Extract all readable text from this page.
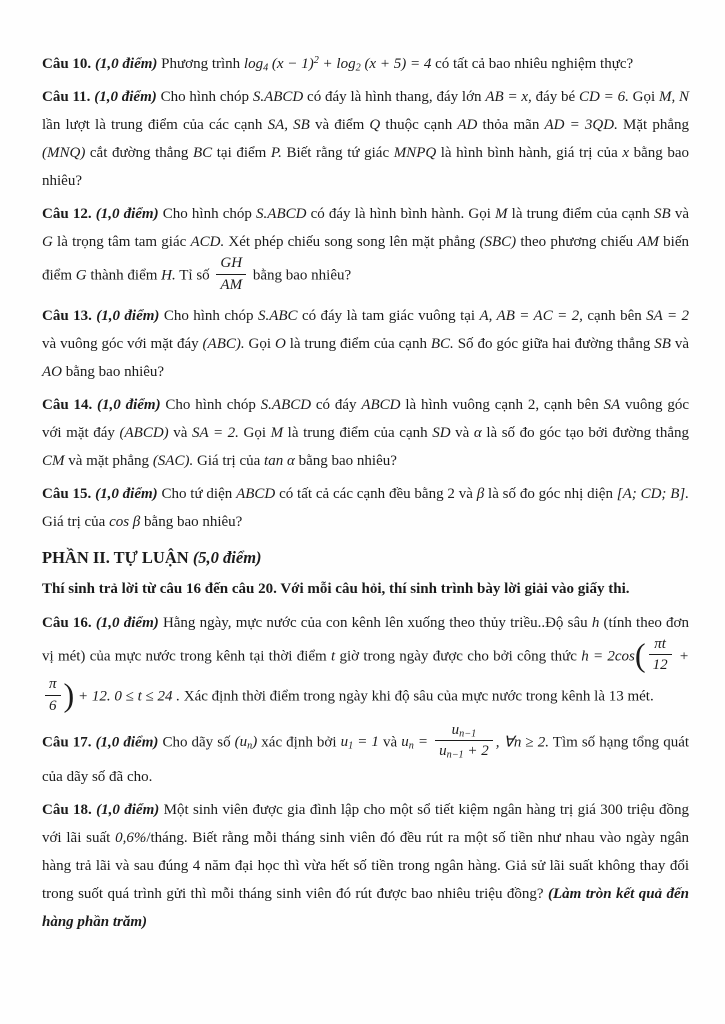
Câu 10. (1,0 điểm) Phương trình $\log_4 (x - 1)^2 + \log_2 (x + 5) = 4$ có tất cả bao nhiêu nghiệm thực?

Câu 11. (1,0 điểm) Cho hình chóp S.ABCD có đáy là hình thang, đáy lớn AB = x, đáy bé CD = 6. Gọi M, N lần lượt là trung điểm của các cạnh SA, SB và điểm Q thuộc cạnh AD thỏa mãn AD = 3QD. Mặt phẳng (MNQ) cắt đường thẳng BC tại điểm P. Biết rằng tứ giác MNPQ là hình bình hành, giá trị của x bằng bao nhiêu?

Câu 12. (1,0 điểm) Cho hình chóp S.ABCD có đáy là hình bình hành. Gọi M là trung điểm của cạnh SB và G là trọng tâm tam giác ACD. Xét phép chiếu song song lên mặt phẳng (SBC) theo phương chiếu AM biến điểm G thành điểm H. Tỉ số $\frac{GH}{AM}$ bằng bao nhiêu?

Câu 13. (1,0 điểm) Cho hình chóp S.ABC có đáy là tam giác vuông tại A, AB = AC = 2, cạnh bên SA = 2 và vuông góc với mặt đáy (ABC). Gọi O là trung điểm của cạnh BC. Số đo góc giữa hai đường thẳng SB và AO bằng bao nhiêu?

Câu 14. (1,0 điểm) Cho hình chóp S.ABCD có đáy ABCD là hình vuông cạnh 2, cạnh bên SA vuông góc với mặt đáy (ABCD) và SA = 2. Gọi M là trung điểm của cạnh SD và α là số đo góc tạo bởi đường thẳng CM và mặt phẳng (SAC). Giá trị của tan α bằng bao nhiêu?

Câu 15. (1,0 điểm) Cho tứ diện ABCD có tất cả các cạnh đều bằng 2 và β là số đo góc nhị diện [A; CD; B]. Giá trị của cos β bằng bao nhiêu?

PHẦN II. TỰ LUẬN (5,0 điểm)

Thí sinh trả lời từ câu 16 đến câu 20. Với mỗi câu hỏi, thí sinh trình bày lời giải vào giấy thi.

Câu 16. (1,0 điểm) Hằng ngày, mực nước của con kênh lên xuống theo thủy triều..Độ sâu h (tính theo đơn vị mét) của mực nước trong kênh tại thời điểm t giờ trong ngày được cho bởi công thức $h = 2\cos( \frac{\pi t}{12}$ +
$\frac{\pi}{6}$ ) + 12. 0 ≤ t ≤ 24 . Xác định thời điểm trong ngày khi độ sâu của mực nước trong kênh là 13 mét.

Câu 17. (1,0 điểm) Cho dãy số $(u_n)$ xác định bởi $u_1 = 1$ và $u_n = \frac{u_{n-1}}{u_{n-1} + 2}$ , ∀n ≥ 2. Tìm số hạng tổng quát của dãy số đã cho.

Câu 18. (1,0 điểm) Một sinh viên được gia đình lập cho một sổ tiết kiệm ngân hàng trị giá 300 triệu đồng với lãi suất 0,6%/tháng. Biết rằng mỗi tháng sinh viên đó đều rút ra một số tiền như nhau vào ngày ngân hàng trả lãi và sau đúng 4 năm đại học thì vừa hết số tiền trong ngân hàng. Giả sử lãi suất không thay đổi trong suốt quá trình gửi thì mỗi tháng sinh viên đó rút được bao nhiêu triệu đồng? (Làm tròn kết quả đến hàng phần trăm)
